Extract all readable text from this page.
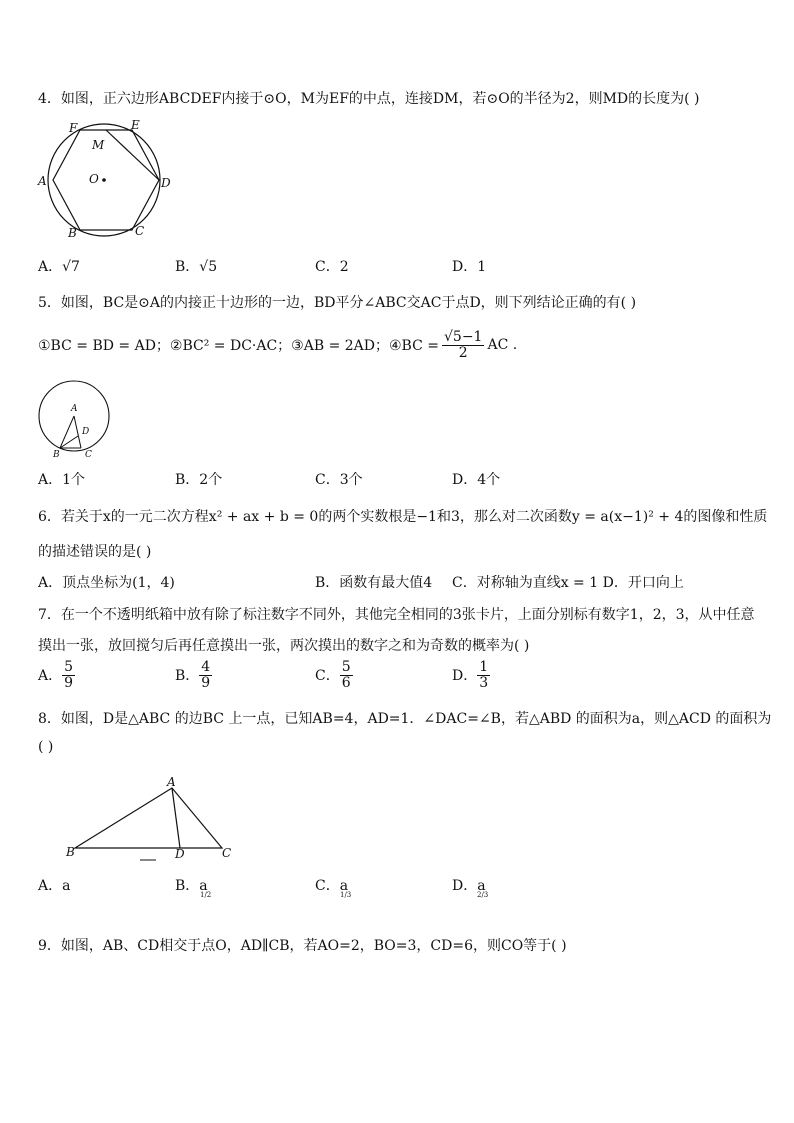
4．如图，正六边形ABCDEF内接于⊙O，M为EF的中点，连接DM，若⊙O的半径为2，则MD的长度为( )
F	E
M
A	O	D
B	C
A．√7	B．√5	C．2	D．1
5．如图，BC是⊙A的内接正十边形的一边，BD平分∠ABC交AC于点D，则下列结论正确的有( )
①BC = BD = AD；②BC² = DC·AC；③AB = 2AD；④BC = $\frac{√5-1}{2}$ AC .
A
D
B	C
A．1个	B．2个	C．3个	D．4个
6．若关于x的一元二次方程x² + ax + b = 0的两个实数根是−1和3，那么对二次函数y = a(x−1)² + 4的图像和性质
的描述错误的是( )
A．顶点坐标为(1，4)	B．函数有最大值4 C．对称轴为直线x = 1 D．开口向上
7．在一个不透明纸箱中放有除了标注数字不同外，其他完全相同的3张卡片，上面分别标有数字1，2，3，从中任意
摸出一张，放回搅匀后再任意摸出一张，两次摸出的数字之和为奇数的概率为( )
A． $\frac{5}{9}$	B． $\frac{4}{9}$	C． $\frac{5}{6}$	D． $\frac{1}{3}$
8．如图，D是△ABC 的边BC 上一点，已知AB=4，AD=1．∠DAC=∠B，若△ABD 的面积为a，则△ACD 的面积为
( )
A
B	D	C
A．a	B．a
1/2
C．a
1/3
D．a
2/3
9．如图，AB、CD相交于点O，AD∥CB，若AO=2，BO=3，CD=6，则CO等于( )
